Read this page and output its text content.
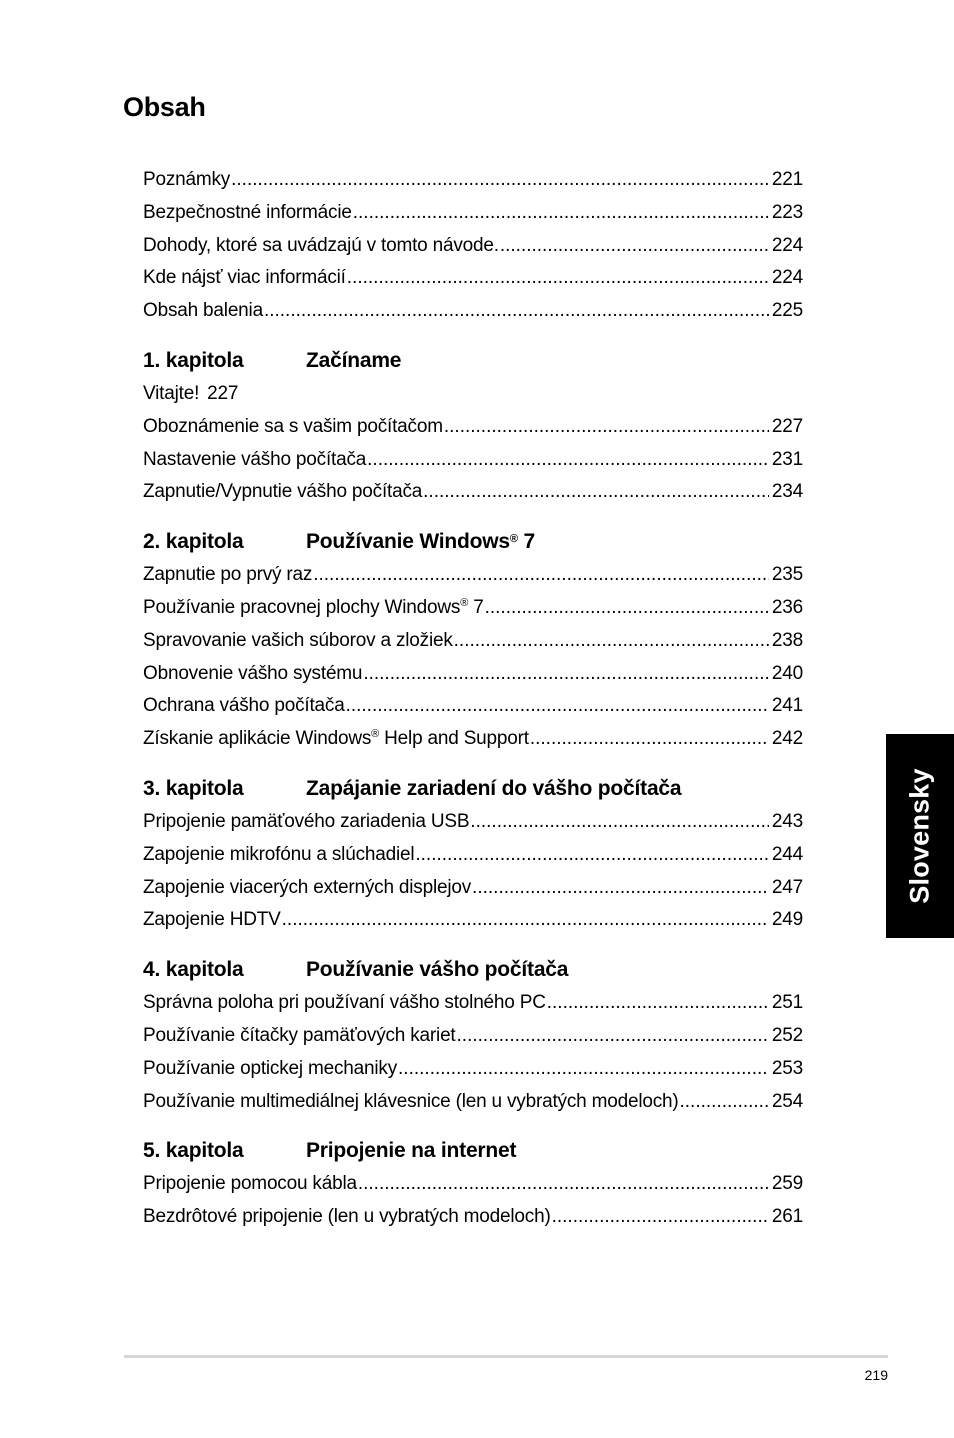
Obsah
Poznámky .....	221
Bezpečnostné informácie .....	223
Dohody, ktoré sa uvádzajú v tomto návode. .....	224
Kde nájsť viac informácií .....	224
Obsah balenia .....	225
1. kapitola	Začíname
Vitajte! 227
Oboznámenie sa s vašim počítačom .....	227
Nastavenie vášho počítača .....	231
Zapnutie/Vypnutie vášho počítača .....	234
2. kapitola	Používanie Windows® 7
Zapnutie po prvý raz .....	235
Používanie pracovnej plochy Windows® 7 .....	236
Spravovanie vašich súborov a zložiek .....	238
Obnovenie vášho systému .....	240
Ochrana vášho počítača .....	241
Získanie aplikácie Windows® Help and Support .....	242
3. kapitola	Zapájanie zariadení do vášho počítača
Pripojenie pamäťového zariadenia USB .....	243
Zapojenie mikrofónu a slúchadiel .....	244
Zapojenie viacerých externých displejov .....	247
Zapojenie HDTV .....	249
4. kapitola	Používanie vášho počítača
Správna poloha pri používaní vášho stolného PC .....	251
Používanie čítačky pamäťových kariet .....	252
Používanie optickej mechaniky .....	253
Používanie multimediálnej klávesnice (len u vybratých modeloch) .....	254
5. kapitola	Pripojenie na internet
Pripojenie pomocou kábla .....	259
Bezdrôtové pripojenie (len u vybratých modeloch) .....	261
Slovensky
219
